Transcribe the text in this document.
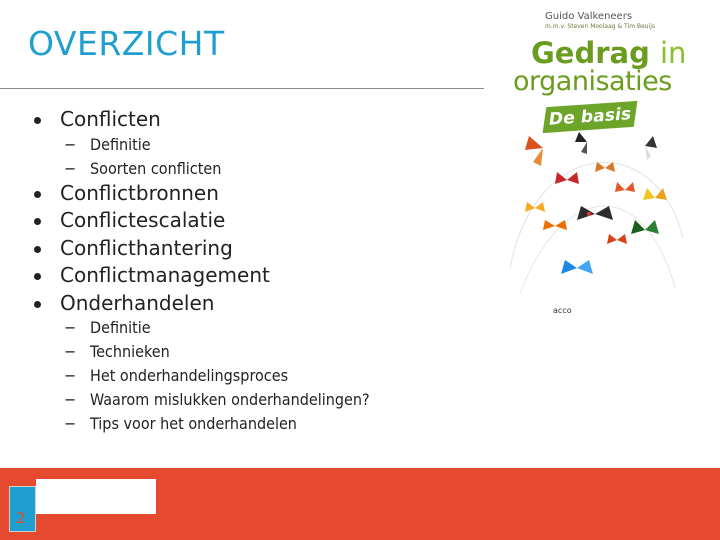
OVERZICHT
Conflicten
− Definitie
− Soorten conflicten
Conflictbronnen
Conflictescalatie
Conflicthantering
Conflictmanagement
Onderhandelen
− Definitie
− Technieken
− Het onderhandelingsproces
− Waarom mislukken onderhandelingen?
− Tips voor het onderhandelen
Guido Valkeneers
m.m.v. Steven Moolaag & Tim Beuijs
Gedrag in
organisaties
De basis
acco
2
